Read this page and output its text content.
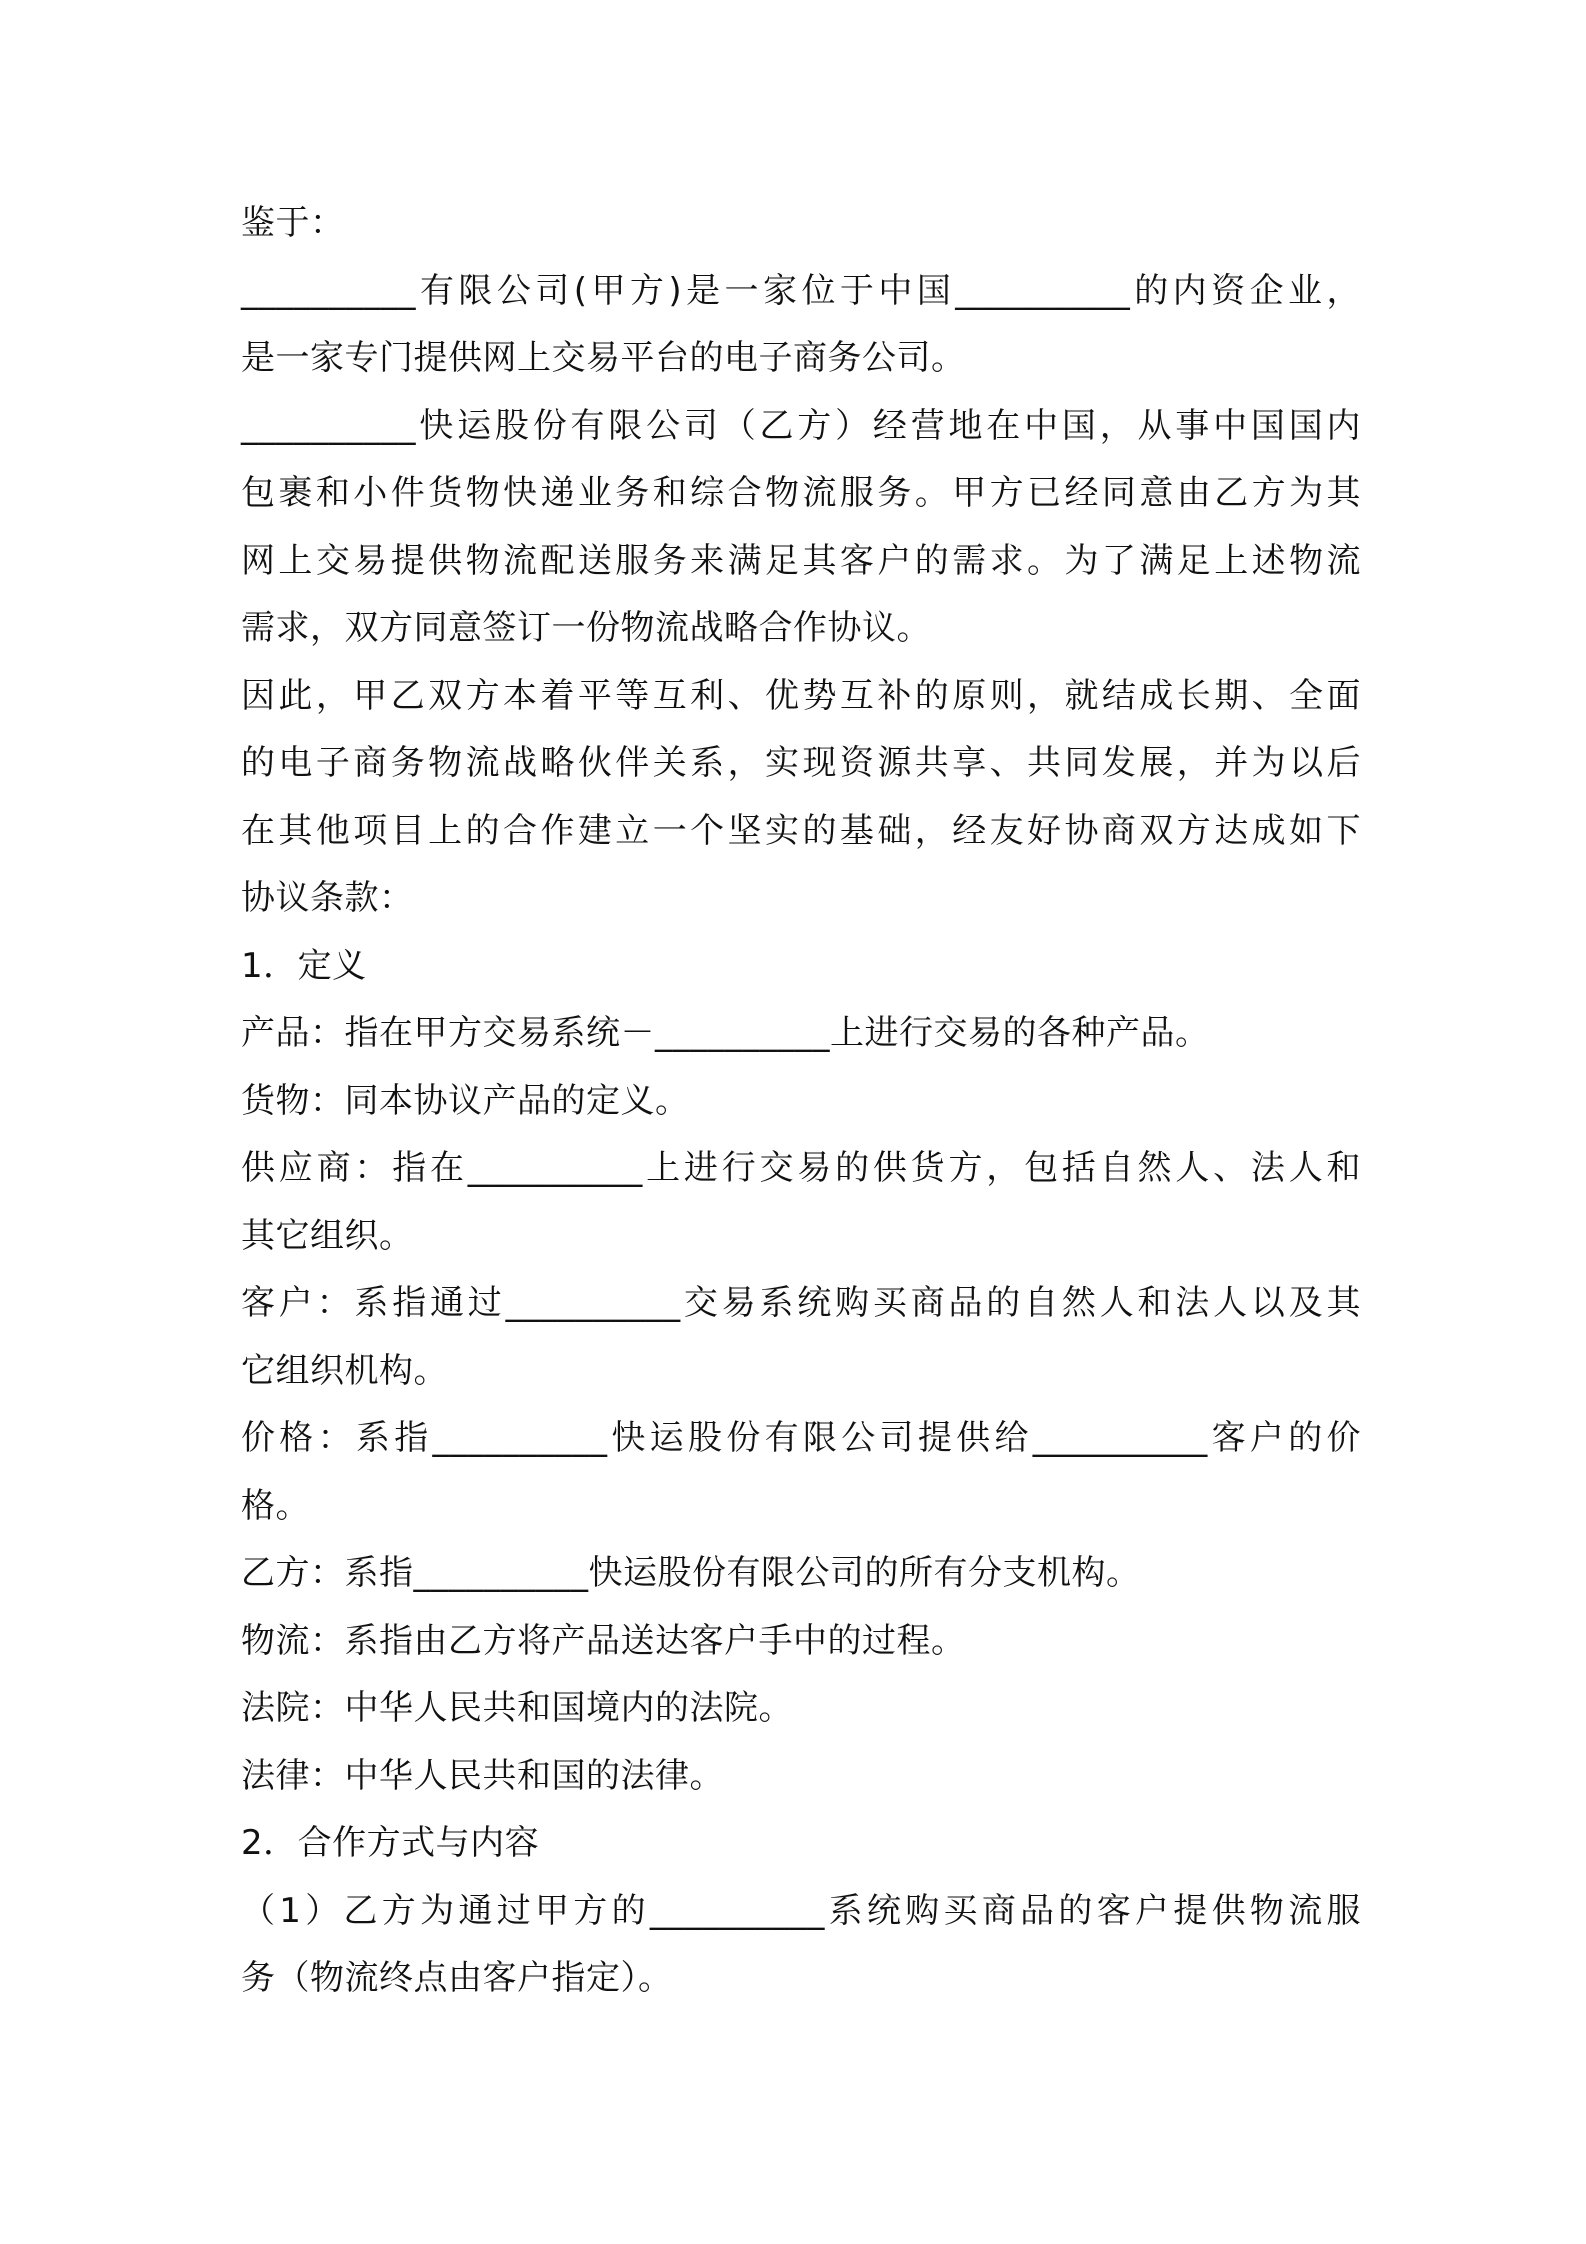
鉴于：
__________有限公司(甲方)是一家位于中国__________的内资企业，
是一家专门提供网上交易平台的电子商务公司。
__________快运股份有限公司（乙方）经营地在中国，从事中国国内
包裹和小件货物快递业务和综合物流服务。甲方已经同意由乙方为其
网上交易提供物流配送服务来满足其客户的需求。为了满足上述物流
需求，双方同意签订一份物流战略合作协议。
因此，甲乙双方本着平等互利、优势互补的原则，就结成长期、全面
的电子商务物流战略伙伴关系，实现资源共享、共同发展，并为以后
在其他项目上的合作建立一个坚实的基础，经友好协商双方达成如下
协议条款：
1．定义
产品：指在甲方交易系统－__________上进行交易的各种产品。
货物：同本协议产品的定义。
供应商：指在__________上进行交易的供货方，包括自然人、法人和
其它组织。
客户：系指通过__________交易系统购买商品的自然人和法人以及其
它组织机构。
价格：系指__________快运股份有限公司提供给__________客户的价
格。
乙方：系指__________快运股份有限公司的所有分支机构。
物流：系指由乙方将产品送达客户手中的过程。
法院：中华人民共和国境内的法院。
法律：中华人民共和国的法律。
2．合作方式与内容
（1）乙方为通过甲方的__________系统购买商品的客户提供物流服
务（物流终点由客户指定）。
